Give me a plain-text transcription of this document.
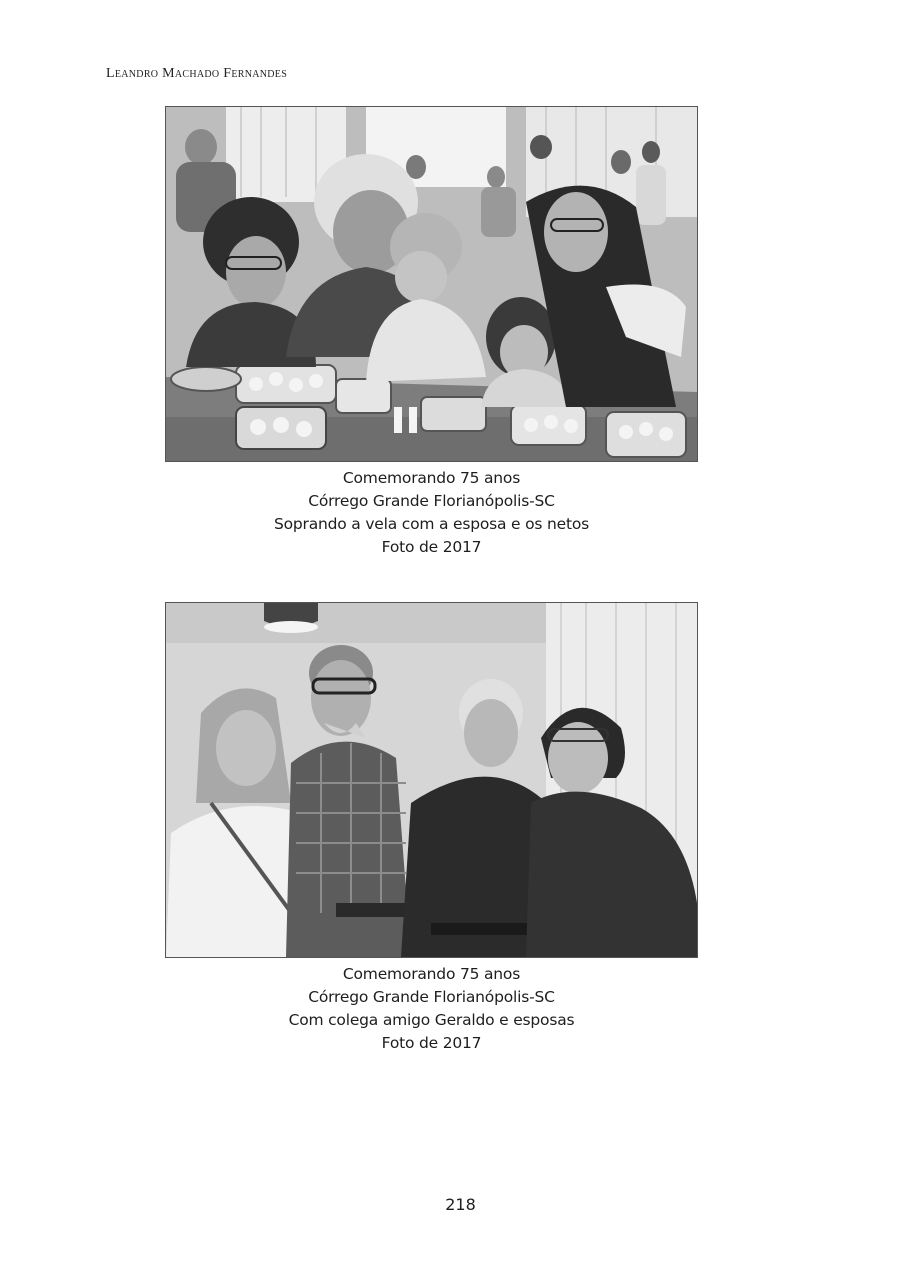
Leandro Machado Fernandes
Comemorando 75 anos
Córrego Grande Florianópolis-SC
Soprando a vela com a esposa e os netos
Foto de 2017
Comemorando 75 anos
Córrego Grande Florianópolis-SC
Com colega amigo Geraldo e esposas
Foto de 2017
218
